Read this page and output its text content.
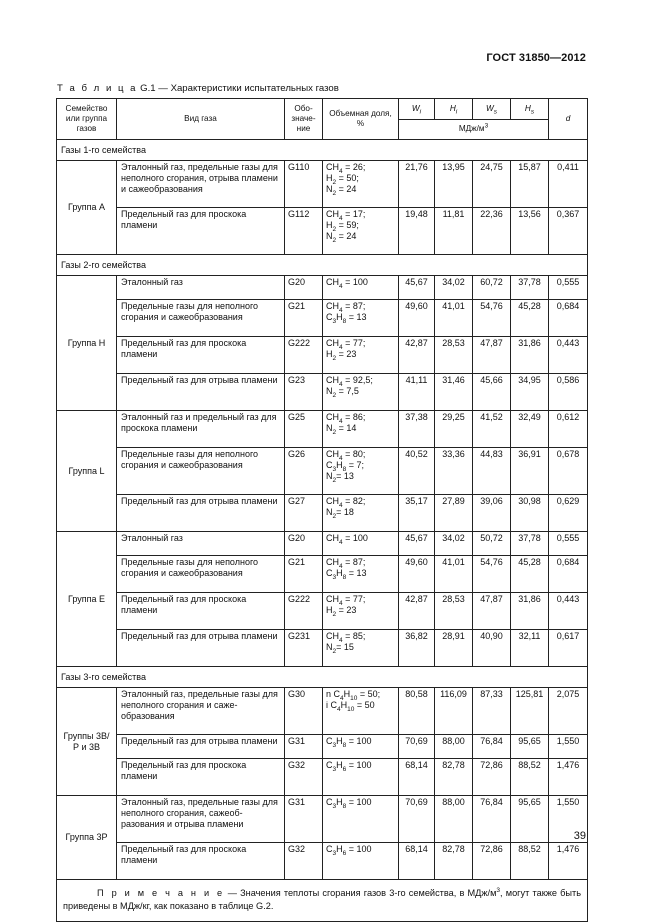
ГОСТ 31850—2012
Т а б л и ц а G.1 — Характеристики испытательных газов
Семейство или группа газов	Вид газа	Обо-значе-ние	Объемная доля, %	$W_i$	$H_i$	$W_s$	$H_s$	d
				МДж/$м^3$
Газы 1-го семейства								
Группа А	Эталонный газ, предельные газы для неполного сгорания, отрыва пламени и сажеобразования	G110	$CH_4 = 26$;
$H_2 = 50$;
$N_2 = 24$	21,76	13,95	24,75	15,87	0,411
	Предельный газ для проскока пламени	G112	$CH_4 = 17$;
$H_2 = 59$;
$N_2 = 24$	19,48	11,81	22,36	13,56	0,367
Газы 2-го семейства								
Группа Н	Эталонный газ	G20	$CH_4 = 100$	45,67	34,02	60,72	37,78	0,555
	Предельные газы для неполного сгорания и сажеобразования	G21	$CH_4 = 87$;
$C_3H_8 = 13$	49,60	41,01	54,76	45,28	0,684
	Предельный газ для проскока пламени	G222	$CH_4 = 77$;
$H_2 = 23$	42,87	28,53	47,87	31,86	0,443
	Предельный газ для отрыва пламени	G23	$CH_4 = 92,5$;
$N_2 = 7,5$	41,11	31,46	45,66	34,95	0,586
Группа L	Эталонный газ и предельный газ для проскока пламени	G25	$CH_4 = 86$;
$N_2 = 14$	37,38	29,25	41,52	32,49	0,612
	Предельные газы для неполного сгорания и сажеобразования	G26	$CH_4 = 80$;
$C_3H_8 = 7$;
$N_2= 13$	40,52	33,36	44,83	36,91	0,678
	Предельный газ для отрыва пламени	G27	$CH_4 = 82$;
$N_2= 18$	35,17	27,89	39,06	30,98	0,629
Группа Е	Эталонный газ	G20	$CH_4 = 100$	45,67	34,02	50,72	37,78	0,555
	Предельные газы для неполного сгорания и сажеобразования	G21	$CH_4 = 87$;
$C_3H_8 = 13$	49,60	41,01	54,76	45,28	0,684
	Предельный газ для проскока пламени	G222	$CH_4 = 77$;
$H_2 = 23$	42,87	28,53	47,87	31,86	0,443
	Предельный газ для отрыва пламени	G231	$CH_4 = 85$;
$N_2= 15$	36,82	28,91	40,90	32,11	0,617
Газы 3-го семейства								
Группы 3В/Р и 3В	Эталонный газ, предельные газы для неполного сгорания и саже-образования	G30	n $C_4H_{10} = 50$;
i $C_4H_{10} = 50$	80,58	116,09	87,33	125,81	2,075
	Предельный газ для отрыва пламени	G31	$C_3H_8 = 100$	70,69	88,00	76,84	95,65	1,550
	Предельный газ для проскока пламени	G32	$C_3H_6 = 100$	68,14	82,78	72,86	88,52	1,476
Группа 3Р	Эталонный газ, предельные газы для неполного сгорания, сажеоб-разования и отрыва пламени	G31	$C_3H_8 = 100$	70,69	88,00	76,84	95,65	1,550
	Предельный газ для проскока пламени	G32	$C_3H_6 = 100$	68,14	82,78	72,86	88,52	1,476
П р и м е ч а н и е — Значения теплоты сгорания газов 3-го семейства, в МДж/$м^3$, могут также быть приведены в МДж/кг, как показано в таблице G.2.								
39
